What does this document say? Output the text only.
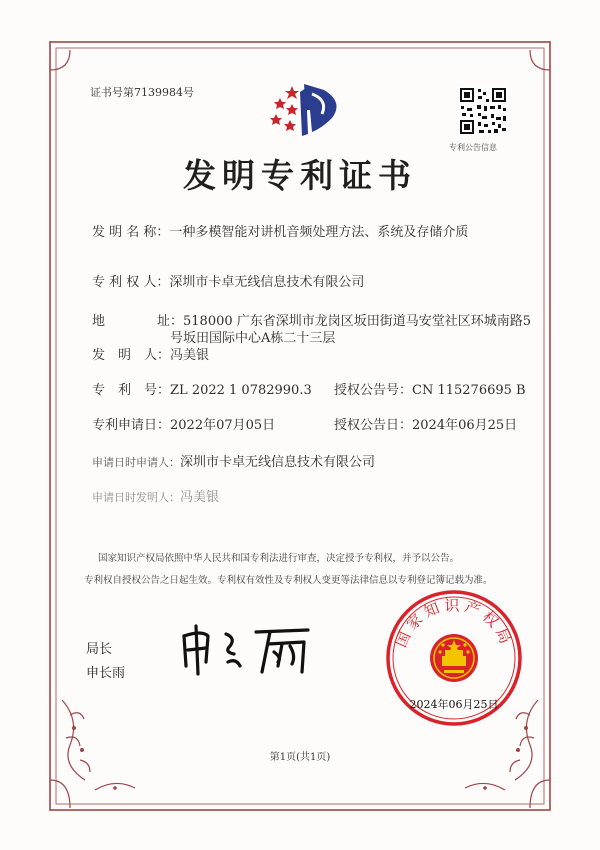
证书号第7139984号
专利公告信息
发明专利证书
发 明 名 称：一种多模智能对讲机音频处理方法、系统及存储介质
专 利 权 人：深圳市卡卓无线信息技术有限公司
地　　　　址：518000 广东省深圳市龙岗区坂田街道马安堂社区环城南路5
号坂田国际中心A栋二十三层
发　明　人：冯美银
专　利　号：ZL 2022 1 0782990.3 授权公告号：CN 115276695 B
专利申请日：2022年07月05日	授权公告日：2024年06月25日
申请日时申请人：深圳市卡卓无线信息技术有限公司
申请日时发明人：冯美银
国家知识产权局依照中华人民共和国专利法进行审查，决定授予专利权，并予以公告。
专利权自授权公告之日起生效。专利权有效性及专利权人变更等法律信息以专利登记簿记载为准。
局长
申长雨
国家知识产权局
2024年06月25日
第1页(共1页)
